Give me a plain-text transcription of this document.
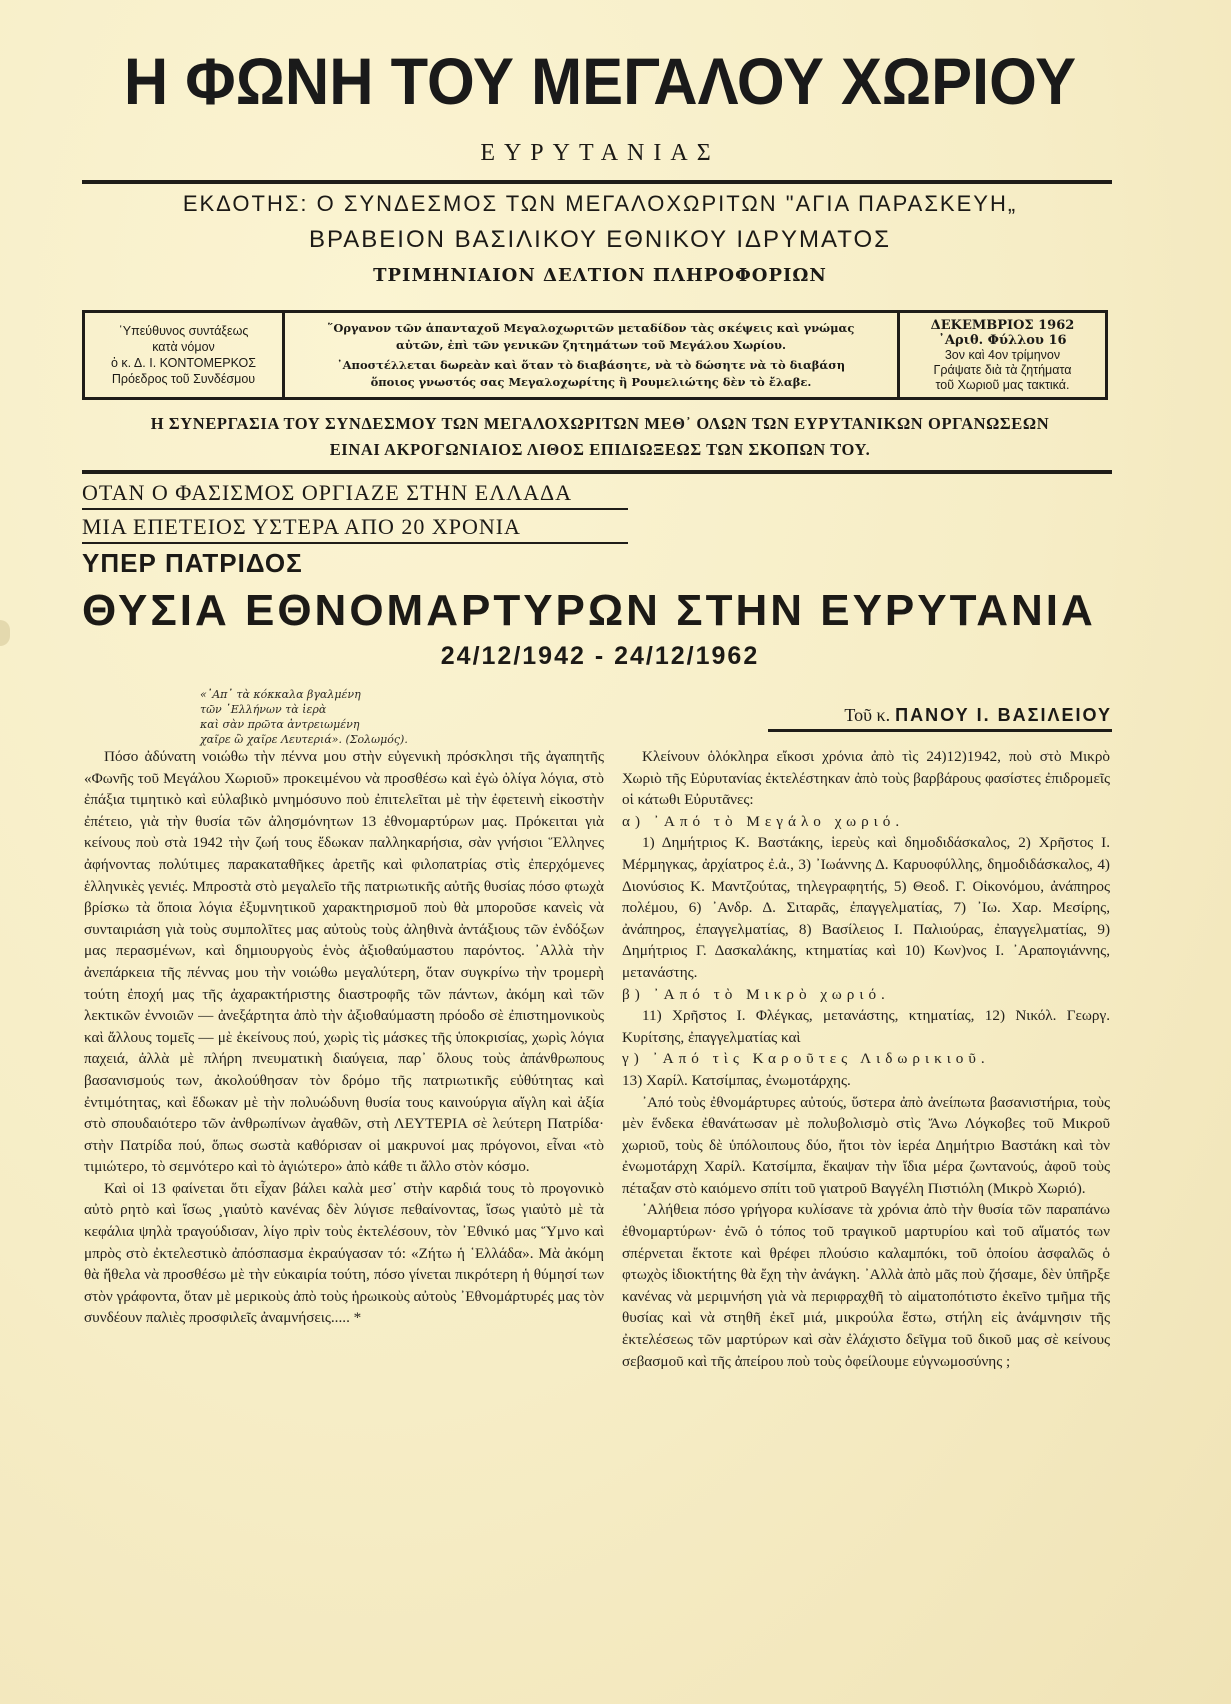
Η ΦΩΝΗ ΤΟΥ ΜΕΓΑΛΟΥ ΧΩΡΙΟΥ
ΕΥΡΥΤΑΝΙΑΣ
ΕΚΔΟΤΗΣ: Ο ΣΥΝΔΕΣΜΟΣ ΤΩΝ ΜΕΓΑΛΟΧΩΡΙΤΩΝ "ΑΓΙΑ ΠΑΡΑΣΚΕΥΗ„
ΒΡΑΒΕΙΟΝ ΒΑΣΙΛΙΚΟΥ ΕΘΝΙΚΟΥ ΙΔΡΥΜΑΤΟΣ
ΤΡΙΜΗΝΙΑΙΟΝ ΔΕΛΤΙΟΝ ΠΛΗΡΟΦΟΡΙΩΝ
῾Υπεύθυνος συντάξεως
κατὰ νόμον
ὁ κ. Δ. Ι. ΚΟΝΤΟΜΕΡΚΟΣ
Πρόεδρος τοῦ Συνδέσμου
῞Οργανον τῶν ἁπανταχοῦ Μεγαλοχωριτῶν μεταδίδον τὰς σκέψεις καὶ γνώμας
αὐτῶν, ἐπὶ τῶν γενικῶν ζητημάτων τοῦ Μεγάλου Χωρίου.
᾿Αποστέλλεται δωρεὰν καὶ ὅταν τὸ διαβάσητε, νὰ τὸ δώσητε νὰ τὸ διαβάση
ὅποιος γνωστός σας Μεγαλοχωρίτης ἢ Ρουμελιώτης δὲν τὸ ἔλαβε.
ΔΕΚΕΜΒΡΙΟΣ 1962
᾿Αριθ. Φύλλου 16
3ον καὶ 4ον τρίμηνον
Γράψατε διὰ τὰ ζητήματα
τοῦ Χωριοῦ μας τακτικά.
Η ΣΥΝΕΡΓΑΣΙΑ ΤΟΥ ΣΥΝΔΕΣΜΟΥ ΤΩΝ ΜΕΓΑΛΟΧΩΡΙΤΩΝ ΜΕΘ᾿ ΟΛΩΝ ΤΩΝ ΕΥΡΥΤΑΝΙΚΩΝ ΟΡΓΑΝΩΣΕΩΝ
ΕΙΝΑΙ ΑΚΡΟΓΩΝΙΑΙΟΣ ΛΙΘΟΣ ΕΠΙΔΙΩΞΕΩΣ ΤΩΝ ΣΚΟΠΩΝ ΤΟΥ.
ΟΤΑΝ Ο ΦΑΣΙΣΜΟΣ ΟΡΓΙΑΖΕ ΣΤΗΝ ΕΛΛΑΔΑ
ΜΙΑ ΕΠΕΤΕΙΟΣ ΥΣΤΕΡΑ ΑΠΟ 20 ΧΡΟΝΙΑ
ΥΠΕΡ ΠΑΤΡΙΔΟΣ
ΘΥΣΙΑ ΕΘΝΟΜΑΡΤΥΡΩΝ ΣΤΗΝ ΕΥΡΥΤΑΝΙΑ
24/12/1942 - 24/12/1962
«᾿Απ᾿ τὰ κόκκαλα βγαλμένη
τῶν ῾Ελλήνων τὰ ἱερὰ
καὶ σὰν πρῶτα ἀντρειωμένη
χαῖρε ὢ χαῖρε Λευτεριά». (Σολωμός).
Τοῦ κ. ΠΑΝΟΥ Ι. ΒΑΣΙΛΕΙΟΥ

Πόσο ἀδύνατη νοιώθω τὴν πέννα μου στὴν εὐγενικὴ πρόσκλησι τῆς ἀγαπητῆς «Φωνῆς τοῦ Μεγάλου Χωριοῦ» προκειμένου νὰ προσθέσω καὶ ἐγὼ ὀλίγα λόγια, στὸ ἐπάξια τιμητικὸ καὶ εὐλαβικὸ μνημόσυνο ποὺ ἐπιτελεῖται μὲ τὴν ἐφετεινὴ εἰκοστὴν ἐπέτειο, γιὰ τὴν θυσία τῶν ἀλησμόνητων 13 ἐθνομαρτύρων μας. Πρόκειται γιὰ κείνους ποὺ στὰ 1942 τὴν ζωή τους ἔδωκαν παλληκαρήσια, σὰν γνήσιοι Ἕλληνες ἀφήνοντας πολύτιμες παρακαταθῆκες ἀρετῆς καὶ φιλοπατρίας στὶς ἐπερχόμενες ἑλληνικὲς γενιές. Μπροστὰ στὸ μεγαλεῖο τῆς πατριωτικῆς αὐτῆς θυσίας πόσο φτωχὰ βρίσκω τὰ ὅποια λόγια ἐξυμνητικοῦ χαρακτηρισμοῦ ποὺ θὰ μποροῦσε κανεὶς νὰ συνταιριάση γιὰ τοὺς συμπολῖτες μας αὐτοὺς τοὺς ἀληθινὰ ἀντάξιους τῶν ἐνδόξων μας περασμένων, καὶ δημιουργοὺς ἑνὸς ἀξιοθαύμαστου παρόντος. ᾿Αλλὰ τὴν ἀνεπάρκεια τῆς πέννας μου τὴν νοιώθω μεγαλύτερη, ὅταν συγκρίνω τὴν τρομερὴ τούτη ἐποχή μας τῆς ἀχαρακτήριστης διαστροφῆς τῶν πάντων, ἀκόμη καὶ τῶν λεκτικῶν ἐννοιῶν — ἀνεξάρτητα ἀπὸ τὴν ἀξιοθαύμαστη πρόοδο σὲ ἐπιστημονικοὺς καὶ ἄλλους τομεῖς — μὲ ἐκείνους πού, χωρὶς τὶς μάσκες τῆς ὑποκρισίας, χωρὶς λόγια παχειά, ἀλλὰ μὲ πλήρη πνευματικὴ διαύγεια, παρ᾿ ὅλους τοὺς ἀπάνθρωπους βασανισμούς των, ἀκολούθησαν τὸν δρόμο τῆς πατριωτικῆς εὐθύτητας καὶ ἐντιμότητας, καὶ ἔδωκαν μὲ τὴν πολυώδυνη θυσία τους καινούργια αἴγλη καὶ ἀξία στὸ σπουδαιότερο τῶν ἀνθρωπίνων ἀγαθῶν, στὴ ΛΕΥΤΕΡΙΑ σὲ λεύτερη Πατρίδα· στὴν Πατρίδα πού, ὅπως σωστὰ καθόρισαν οἱ μακρυνοί μας πρόγονοι, εἶναι «τὸ τιμιώτερο, τὸ σεμνότερο καὶ τὸ ἁγιώτερο» ἀπὸ κάθε τι ἄλλο στὸν κόσμο.

Καὶ οἱ 13 φαίνεται ὅτι εἶχαν βάλει καλὰ μεσ᾿ στὴν καρδιά τους τὸ προγονικὸ αὐτὸ ρητὸ καὶ ἴσως ¸γιαὐτὸ κανένας δὲν λύγισε πεθαίνοντας, ἴσως γιαὐτὸ μὲ τὰ κεφάλια ψηλὰ τραγούδισαν, λίγο πρὶν τοὺς ἐκτελέσουν, τὸν ᾿Εθνικό μας Ὕμνο καὶ μπρὸς στὸ ἐκτελεστικὸ ἀπόσπασμα ἐκραύγασαν τό: «Ζήτω ἡ ῾Ελλάδα». Μὰ ἀκόμη θὰ ἤθελα νὰ προσθέσω μὲ τὴν εὐκαιρία τούτη, πόσο γίνεται πικρότερη ἡ θύμησί των στὸν γράφοντα, ὅταν μὲ μερικοὺς ἀπὸ τοὺς ἡρωικοὺς αὐτοὺς ᾿Εθνομάρτυρές μας τὸν συνδέουν παλιὲς προσφιλεῖς ἀναμνήσεις..... *

Κλείνουν ὁλόκληρα εἴκοσι χρόνια ἀπὸ τὶς 24)12)1942, ποὺ στὸ Μικρὸ Χωριὸ τῆς Εὐρυτανίας ἐκτελέστηκαν ἀπὸ τοὺς βαρβάρους φασίστες ἐπιδρομεῖς οἱ κάτωθι Εὐρυτᾶνες:

α) ᾿Από τὸ Μεγάλο χωριό.

1) Δημήτριος Κ. Βαστάκης, ἱερεὺς καὶ δημοδιδάσκαλος, 2) Χρῆστος Ι. Μέρμηγκας, ἀρχίατρος ἐ.ἀ., 3) ᾿Ιωάννης Δ. Καρυοφύλλης, δημοδιδάσκαλος, 4) Διονύσιος Κ. Μαντζούτας, τηλεγραφητής, 5) Θεοδ. Γ. Οἰκονόμου, ἀνάπηρος πολέμου, 6) ᾿Ανδρ. Δ. Σιταρᾶς, ἐπαγγελματίας, 7) ᾿Ιω. Χαρ. Μεσίρης, ἀνάπηρος, ἐπαγγελματίας, 8) Βασίλειος Ι. Παλιούρας, ἐπαγγελματίας, 9) Δημήτριος Γ. Δασκαλάκης, κτηματίας καὶ 10) Κων)νος Ι. ᾿Αραπογιάννης, μετανάστης.

β) ᾿Από τὸ Μικρὸ χωριό.

11) Χρῆστος Ι. Φλέγκας, μετανάστης, κτηματίας, 12) Νικόλ. Γεωργ. Κυρίτσης, ἐπαγγελματίας καὶ

γ) ᾿Από τὶς Καροῦτες Λιδωρικιοῦ.

13) Χαρίλ. Κατσίμπας, ἐνωμοτάρχης.

᾿Από τοὺς ἐθνομάρτυρες αὐτούς, ὕστερα ἀπὸ ἀνείπωτα βασανιστήρια, τοὺς μὲν ἕνδεκα ἐθανάτωσαν μὲ πολυβολισμὸ στὶς Ἄνω Λόγκοβες τοῦ Μικροῦ χωριοῦ, τοὺς δὲ ὑπόλοιπους δύο, ἤτοι τὸν ἱερέα Δημήτριο Βαστάκη καὶ τὸν ἐνωμοτάρχη Χαρίλ. Κατσίμπα, ἔκαψαν τὴν ἴδια μέρα ζωντανούς, ἀφοῦ τοὺς πέταξαν στὸ καιόμενο σπίτι τοῦ γιατροῦ Βαγγέλη Πιστιόλη (Μικρὸ Χωριό).

᾿Αλήθεια πόσο γρήγορα κυλίσανε τὰ χρόνια ἀπὸ τὴν θυσία τῶν παραπάνω ἐθνομαρτύρων· ἐνῶ ὁ τόπος τοῦ τραγικοῦ μαρτυρίου καὶ τοῦ αἵματός των σπέρνεται ἔκτοτε καὶ θρέφει πλούσιο καλαμπόκι, τοῦ ὁποίου ἀσφαλῶς ὁ φτωχὸς ἰδιοκτήτης θὰ ἔχη τὴν ἀνάγκη. ᾿Αλλὰ ἀπὸ μᾶς ποὺ ζήσαμε, δὲν ὑπῆρξε κανένας νὰ μεριμνήση γιὰ νὰ περιφραχθῆ τὸ αἱματοπότιστο ἐκεῖνο τμῆμα τῆς θυσίας καὶ νὰ στηθῆ ἐκεῖ μιά, μικρούλα ἔστω, στήλη εἰς ἀνάμνησιν τῆς ἐκτελέσεως τῶν μαρτύρων καὶ σὰν ἐλάχιστο δεῖγμα τοῦ δικοῦ μας σὲ κείνους σεβασμοῦ καὶ τῆς ἀπείρου ποὺ τοὺς ὀφείλουμε εὐγνωμοσύνης ;
